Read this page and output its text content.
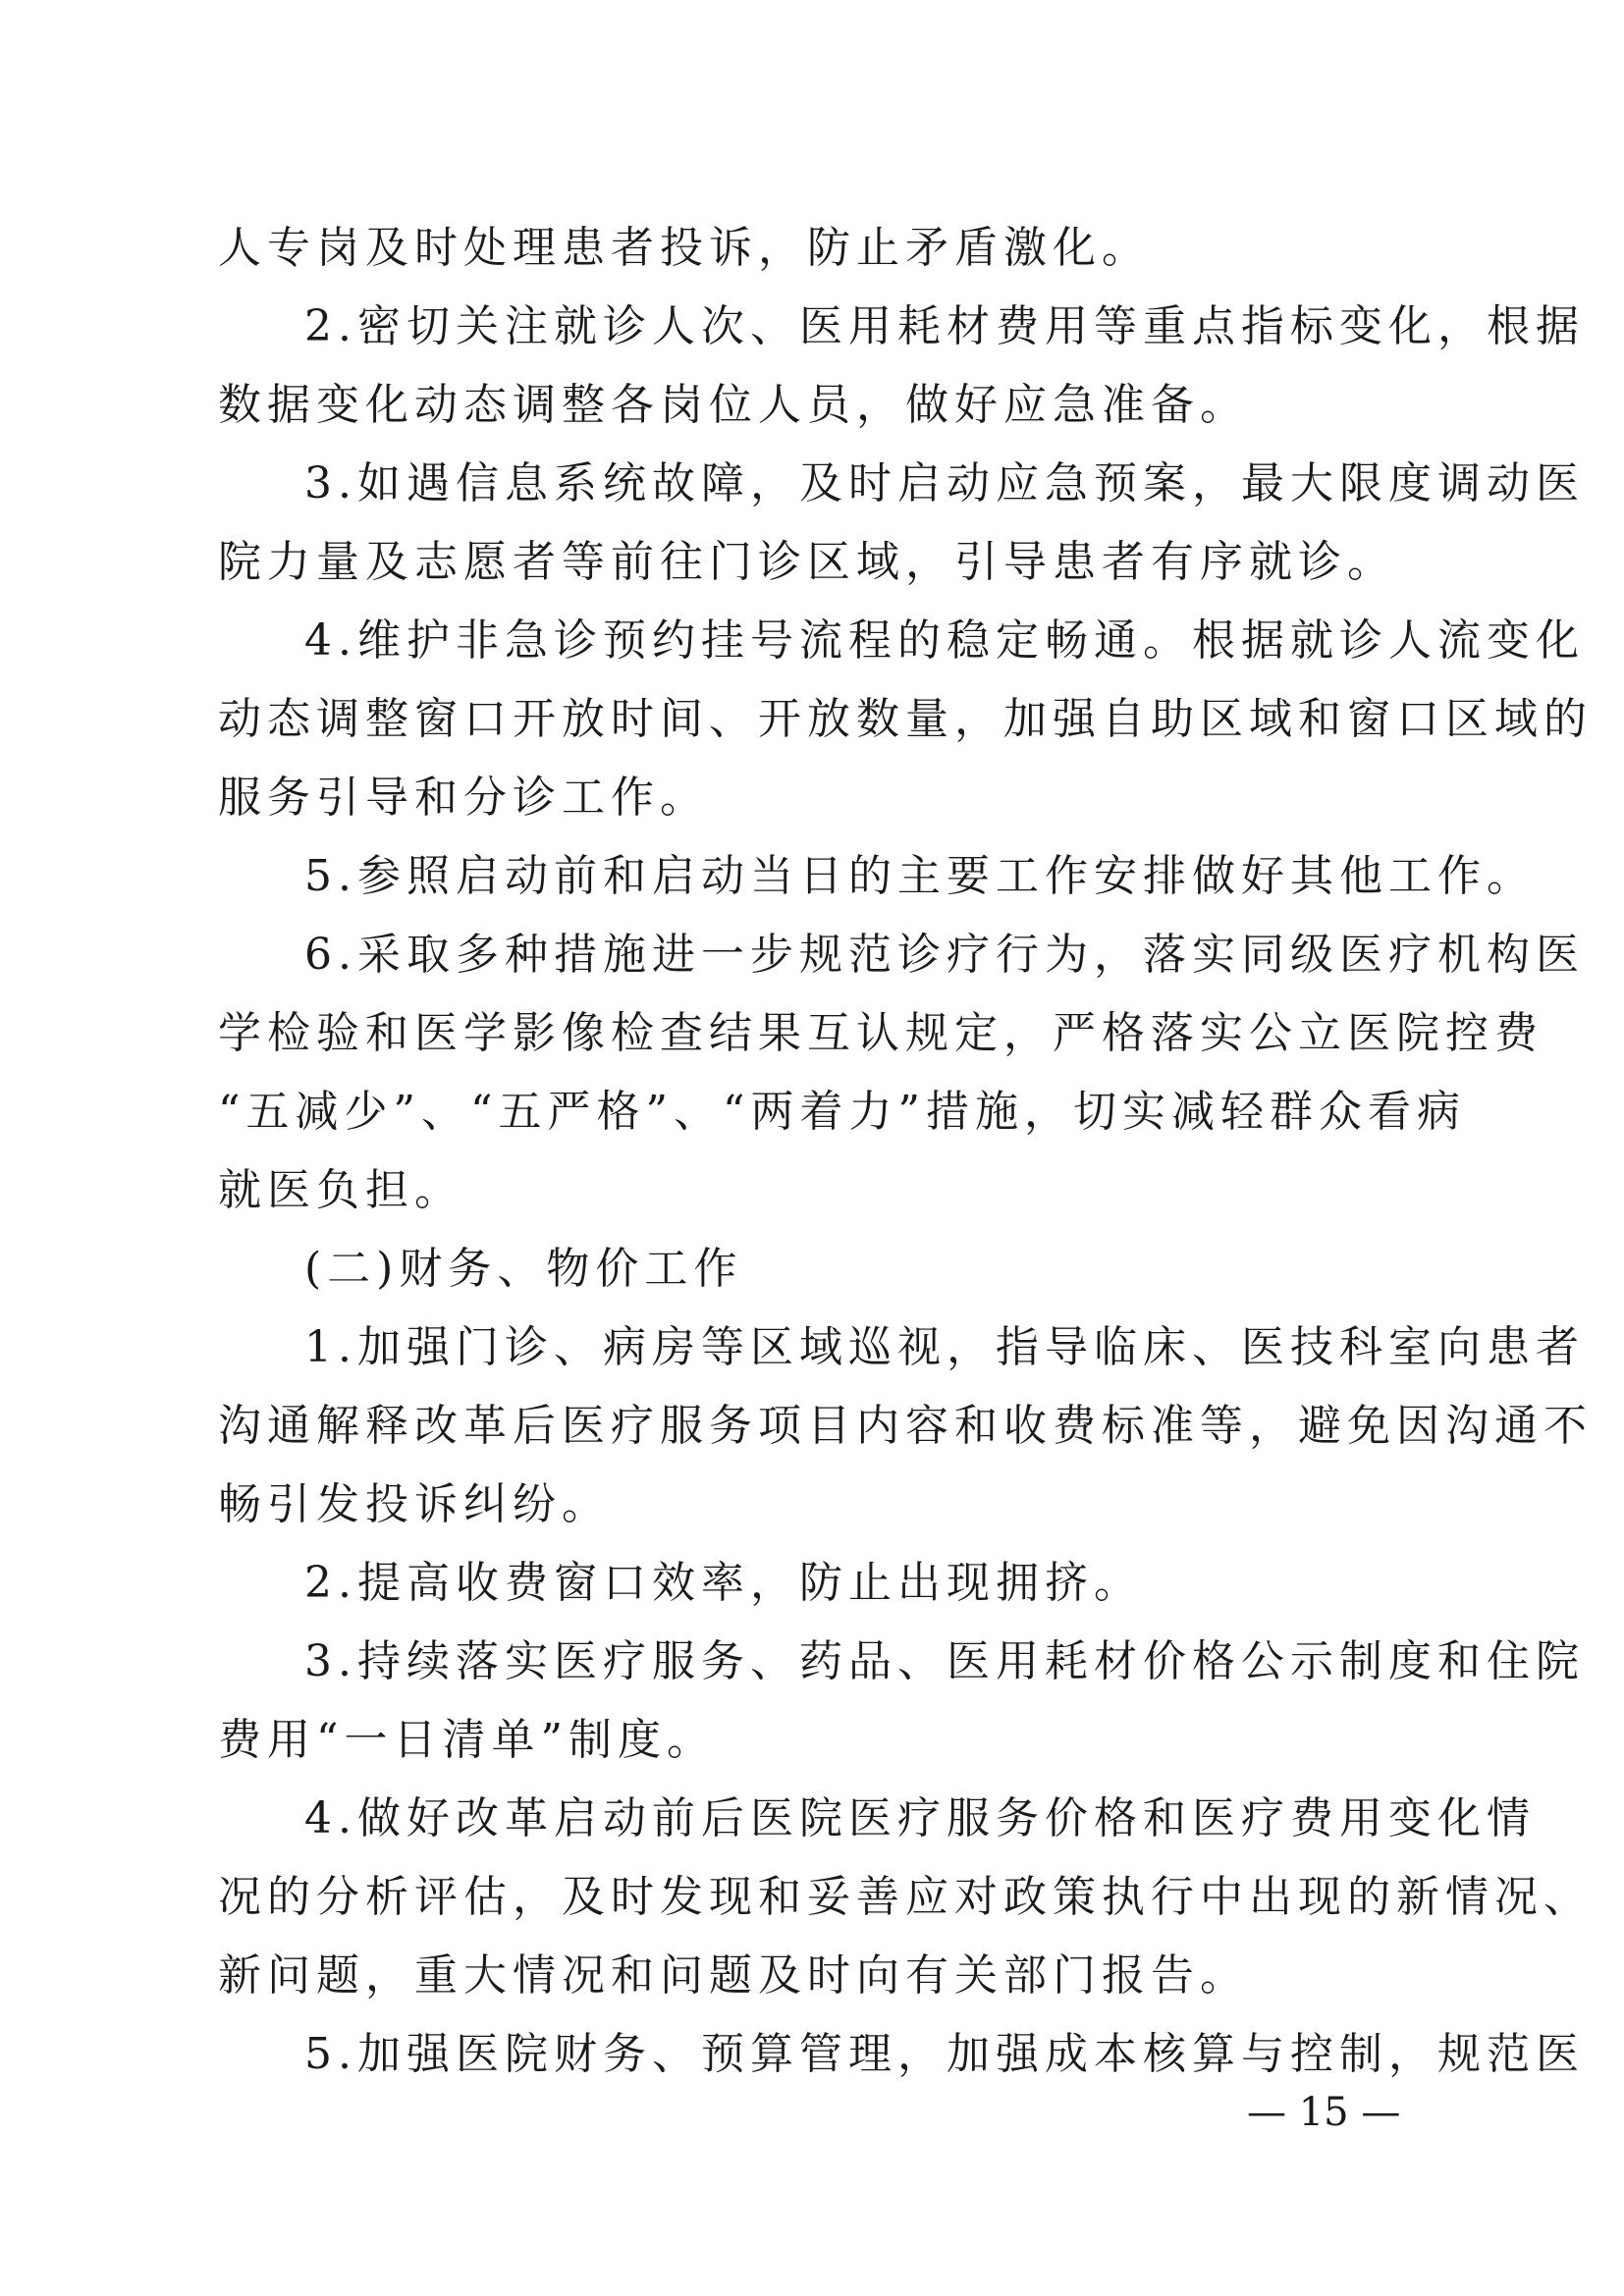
人专岗及时处理患者投诉，防止矛盾激化。
2.密切关注就诊人次、医用耗材费用等重点指标变化，根据
数据变化动态调整各岗位人员，做好应急准备。
3.如遇信息系统故障，及时启动应急预案，最大限度调动医
院力量及志愿者等前往门诊区域，引导患者有序就诊。
4.维护非急诊预约挂号流程的稳定畅通。根据就诊人流变化
动态调整窗口开放时间、开放数量，加强自助区域和窗口区域的
服务引导和分诊工作。
5.参照启动前和启动当日的主要工作安排做好其他工作。
6.采取多种措施进一步规范诊疗行为，落实同级医疗机构医
学检验和医学影像检查结果互认规定，严格落实公立医院控费
“五减少”、“五严格”、“两着力”措施，切实减轻群众看病
就医负担。
(二)财务、物价工作
1.加强门诊、病房等区域巡视，指导临床、医技科室向患者
沟通解释改革后医疗服务项目内容和收费标准等，避免因沟通不
畅引发投诉纠纷。
2.提高收费窗口效率，防止出现拥挤。
3.持续落实医疗服务、药品、医用耗材价格公示制度和住院
费用“一日清单”制度。
4.做好改革启动前后医院医疗服务价格和医疗费用变化情
况的分析评估，及时发现和妥善应对政策执行中出现的新情况、
新问题，重大情况和问题及时向有关部门报告。
5.加强医院财务、预算管理，加强成本核算与控制，规范医
— 15 —
